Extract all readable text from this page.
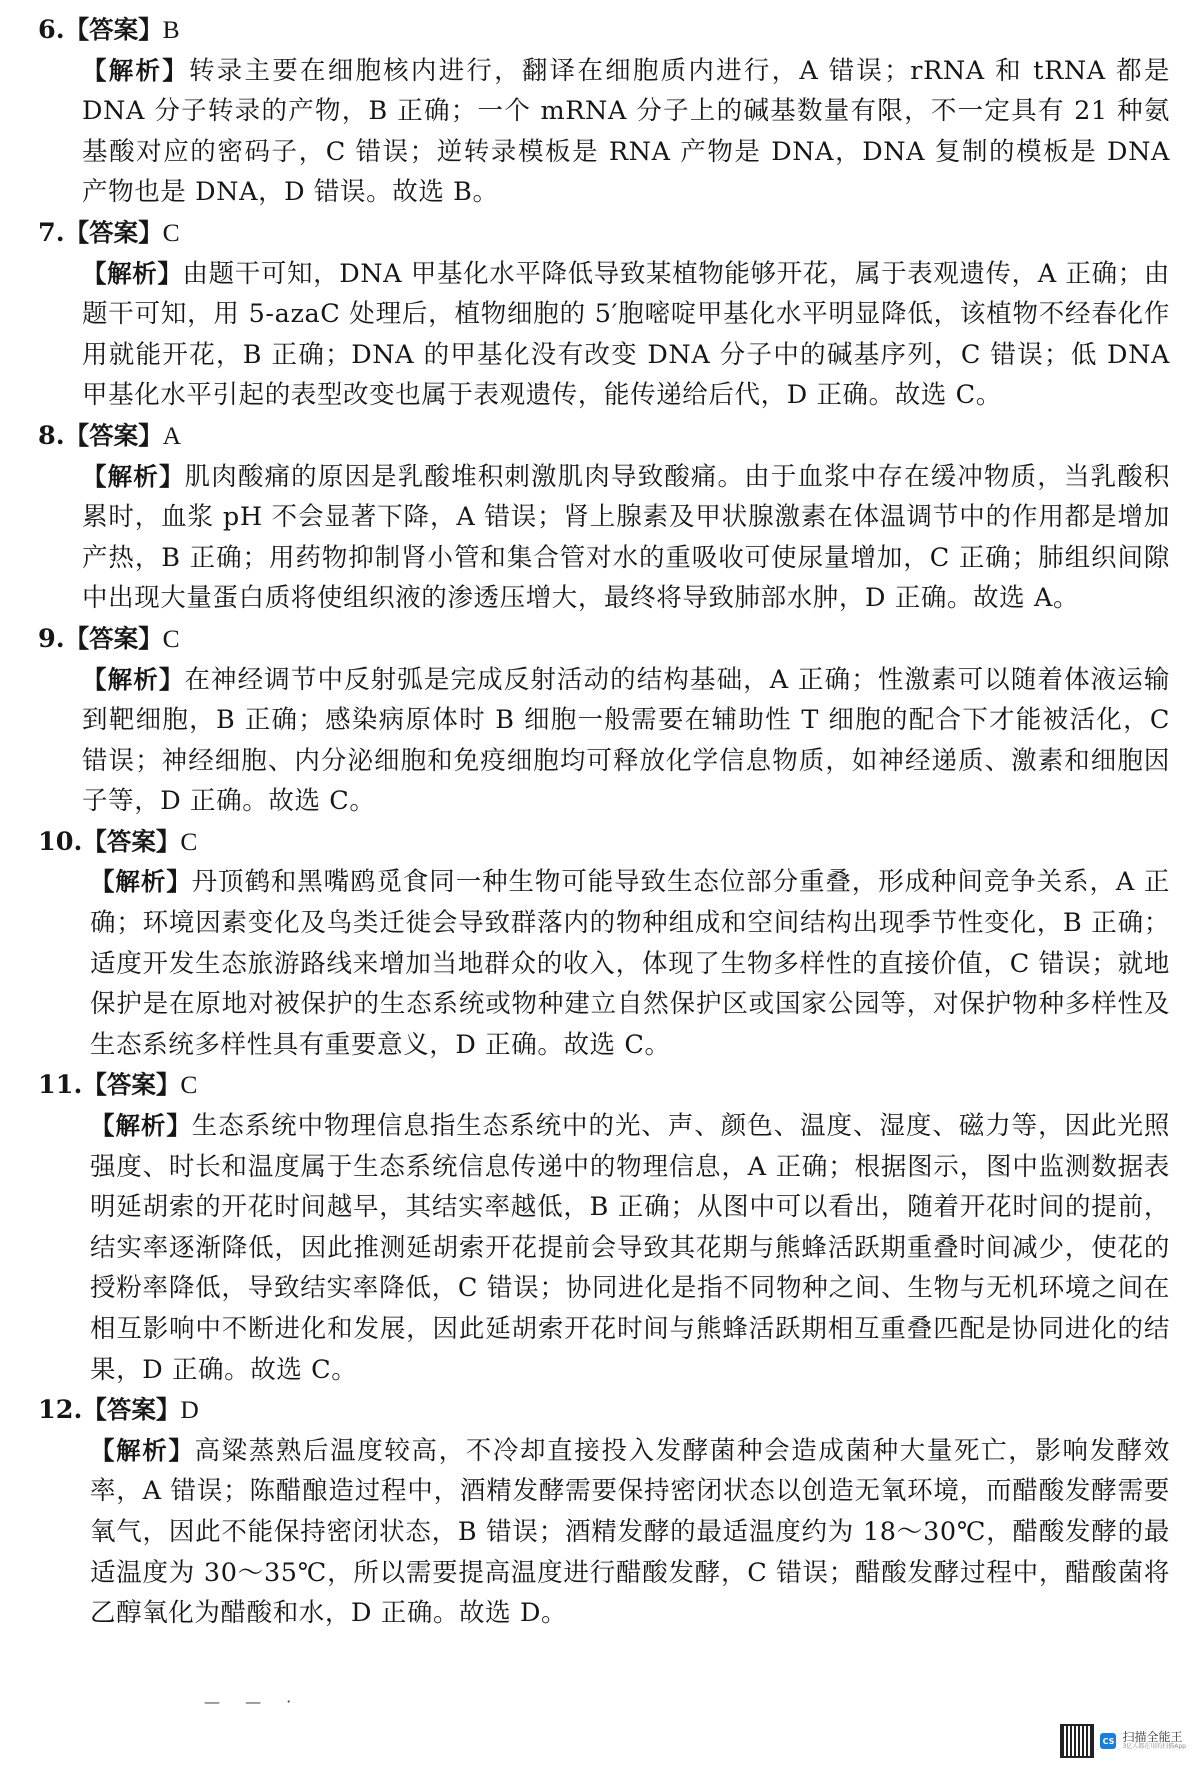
6.【答案】B
【解析】转录主要在细胞核内进行，翻译在细胞质内进行，A 错误；rRNA 和 tRNA 都是 DNA 分子转录的产物，B 正确；一个 mRNA 分子上的碱基数量有限，不一定具有 21 种氨基酸对应的密码子，C 错误；逆转录模板是 RNA 产物是 DNA，DNA 复制的模板是 DNA 产物也是 DNA，D 错误。故选 B。
7.【答案】C
【解析】由题干可知，DNA 甲基化水平降低导致某植物能够开花，属于表观遗传，A 正确；由题干可知，用 5-azaC 处理后，植物细胞的 5′胞嘧啶甲基化水平明显降低，该植物不经春化作用就能开花，B 正确；DNA 的甲基化没有改变 DNA 分子中的碱基序列，C 错误；低 DNA 甲基化水平引起的表型改变也属于表观遗传，能传递给后代，D 正确。故选 C。
8.【答案】A
【解析】肌肉酸痛的原因是乳酸堆积刺激肌肉导致酸痛。由于血浆中存在缓冲物质，当乳酸积累时，血浆 pH 不会显著下降，A 错误；肾上腺素及甲状腺激素在体温调节中的作用都是增加产热，B 正确；用药物抑制肾小管和集合管对水的重吸收可使尿量增加，C 正确；肺组织间隙中出现大量蛋白质将使组织液的渗透压增大，最终将导致肺部水肿，D 正确。故选 A。
9.【答案】C
【解析】在神经调节中反射弧是完成反射活动的结构基础，A 正确；性激素可以随着体液运输到靶细胞，B 正确；感染病原体时 B 细胞一般需要在辅助性 T 细胞的配合下才能被活化，C 错误；神经细胞、内分泌细胞和免疫细胞均可释放化学信息物质，如神经递质、激素和细胞因子等，D 正确。故选 C。
10.【答案】C
【解析】丹顶鹤和黑嘴鸥觅食同一种生物可能导致生态位部分重叠，形成种间竞争关系，A 正确；环境因素变化及鸟类迁徙会导致群落内的物种组成和空间结构出现季节性变化，B 正确；适度开发生态旅游路线来增加当地群众的收入，体现了生物多样性的直接价值，C 错误；就地保护是在原地对被保护的生态系统或物种建立自然保护区或国家公园等，对保护物种多样性及生态系统多样性具有重要意义，D 正确。故选 C。
11.【答案】C
【解析】生态系统中物理信息指生态系统中的光、声、颜色、温度、湿度、磁力等，因此光照强度、时长和温度属于生态系统信息传递中的物理信息，A 正确；根据图示，图中监测数据表明延胡索的开花时间越早，其结实率越低，B 正确；从图中可以看出，随着开花时间的提前，结实率逐渐降低，因此推测延胡索开花提前会导致其花期与熊蜂活跃期重叠时间减少，使花的授粉率降低，导致结实率降低，C 错误；协同进化是指不同物种之间、生物与无机环境之间在相互影响中不断进化和发展，因此延胡索开花时间与熊蜂活跃期相互重叠匹配是协同进化的结果，D 正确。故选 C。
12.【答案】D
【解析】高粱蒸熟后温度较高，不冷却直接投入发酵菌种会造成菌种大量死亡，影响发酵效率，A 错误；陈醋酿造过程中，酒精发酵需要保持密闭状态以创造无氧环境，而醋酸发酵需要氧气，因此不能保持密闭状态，B 错误；酒精发酵的最适温度约为 18～30℃，醋酸发酵的最适温度为 30～35℃，所以需要提高温度进行醋酸发酵，C 错误；醋酸发酵过程中，醋酸菌将乙醇氧化为醋酸和水，D 正确。故选 D。
— — ·
CS 扫描全能王
3亿人都在用的扫描App
